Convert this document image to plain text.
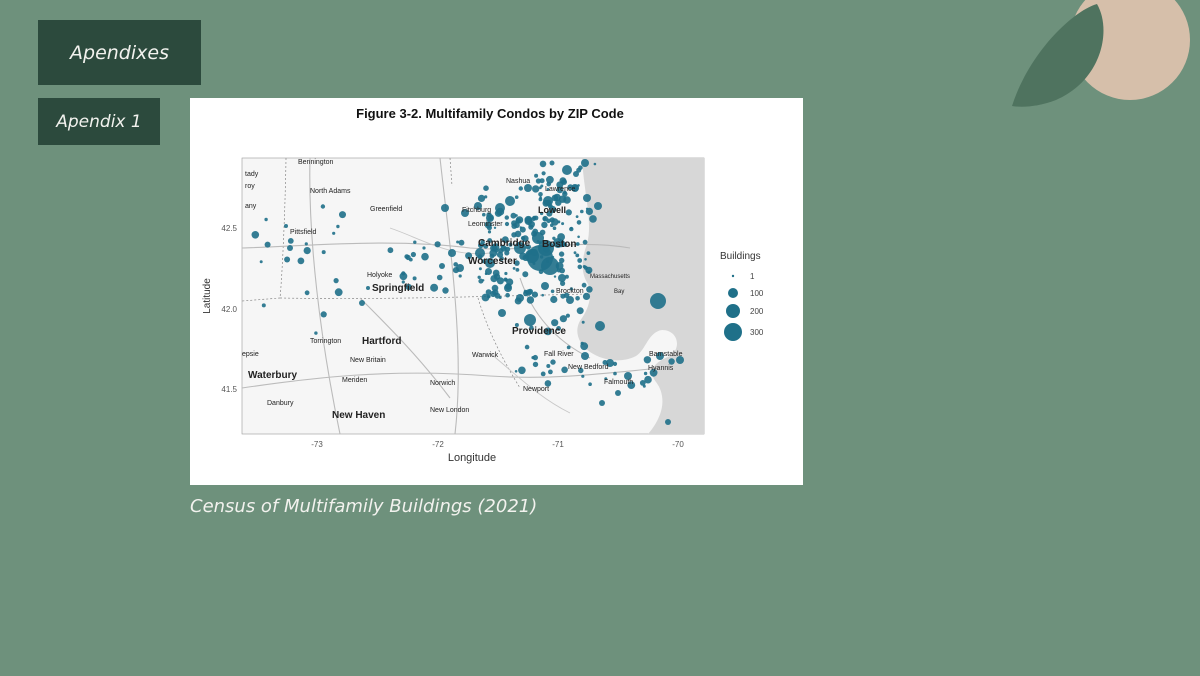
Apendixes
Apendix 1	Figure 3-2. Multifamily Condos by ZIP Code
Bennington
North Adams
Greenfield
Pittsfield
Nashua
Lawrence
Lowell
Fitchburg
Leominster
Cambridge Boston
Worcester
Holyoke
Springfield	Brockton
Massachusetts
Bay
Providence
Torrington Hartford
New Britain
Warwick	Fall River	Barnstable
New Bedford	Hyannis
Waterbury	Meriden	Norwich	Falmouth
Newport
Danbury
New London
New Haven
tady
roy
any
epsie
-73	-72	-71	-70
42.5
42.0
41.5
Longitude
Latitude
Buildings
1
100
200
300
Census of Multifamily Buildings (2021)
